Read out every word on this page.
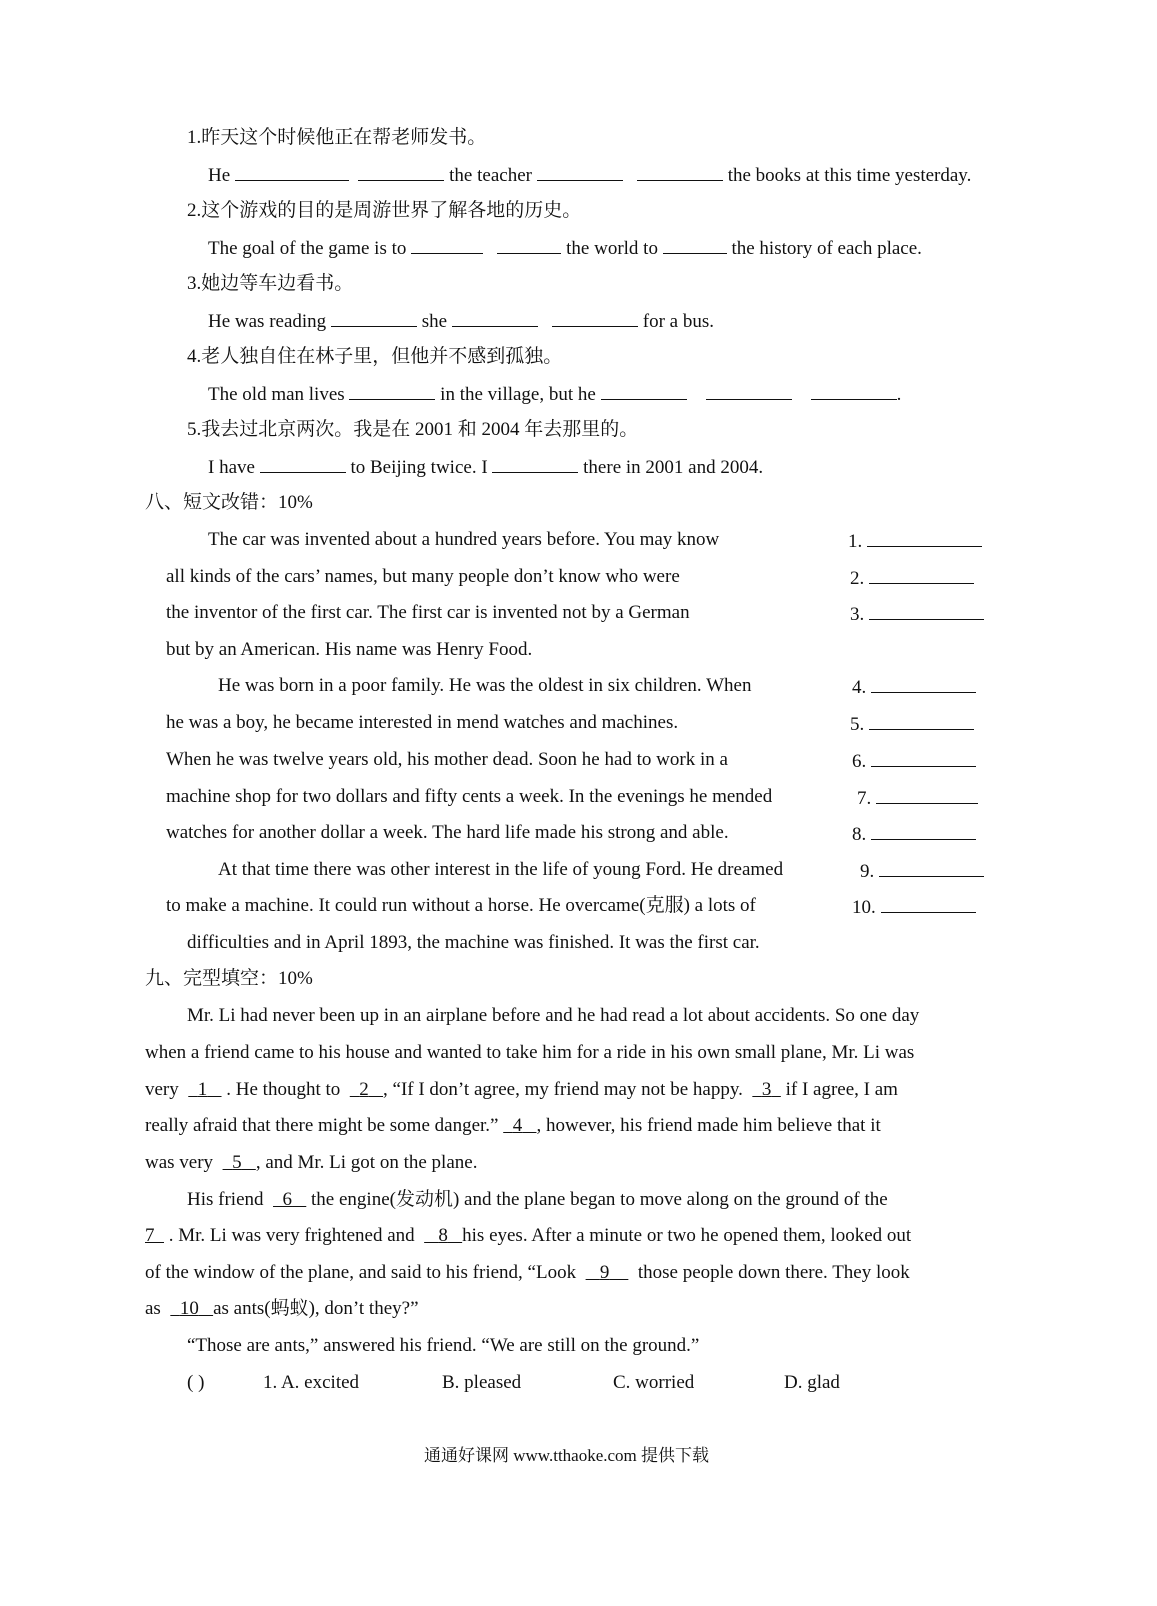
1.昨天这个时候他正在帮老师发书。
He	the teacher	the books at this time yesterday.
2.这个游戏的目的是周游世界了解各地的历史。
The goal of the game is to	the world to	the history of each place.
3.她边等车边看书。
He was reading	she	for a bus.
4.老人独自住在林子里，但他并不感到孤独。
The old man lives	in the village, but he	.
5.我去过北京两次。我是在 2001 和 2004 年去那里的。
I have	to Beijing twice. I	there in 2001 and 2004.
八、短文改错：10%
The car was invented about a hundred years before. You may know
all kinds of the cars’ names, but many people don’t know who were
the inventor of the first car. The first car is invented not by a German
but by an American. His name was Henry Food.
He was born in a poor family. He was the oldest in six children. When
he was a boy, he became interested in mend watches and machines.
When he was twelve years old, his mother dead. Soon he had to work in a
machine shop for two dollars and fifty cents a week. In the evenings he mended
watches for another dollar a week. The hard life made his strong and able.
At that time there was other interest in the life of young Ford. He dreamed
to make a machine. It could run without a horse. He overcame(克服) a lots of
difficulties and in April 1893, the machine was finished. It was the first car.
1.
2.
3.
4.
5.
6.
7.
8.
9.
10.
九、完型填空：10%
Mr. Li had never been up in an airplane before and he had read a lot about accidents. So one day
when a friend came to his house and wanted to take him for a ride in his own small plane, Mr. Li was
very 1 . He thought to 2 , “If I don’t agree, my friend may not be happy. 3 if I agree, I am
really afraid that there might be some danger.” 4 , however, his friend made him believe that it
was very 5 , and Mr. Li got on the plane.
His friend 6 the engine(发动机) and the plane began to move along on the ground of the
7 . Mr. Li was very frightened and 8 his eyes. After a minute or two he opened them, looked out
of the window of the plane, and said to his friend, “Look 9 those people down there. They look
as 10 as ants(蚂蚁), don’t they?”
“Those are ants,” answered his friend. “We are still on the ground.”
( )	1. A. excited	B. pleased	C. worried	D. glad
通通好课网 www.tthaoke.com 提供下载
